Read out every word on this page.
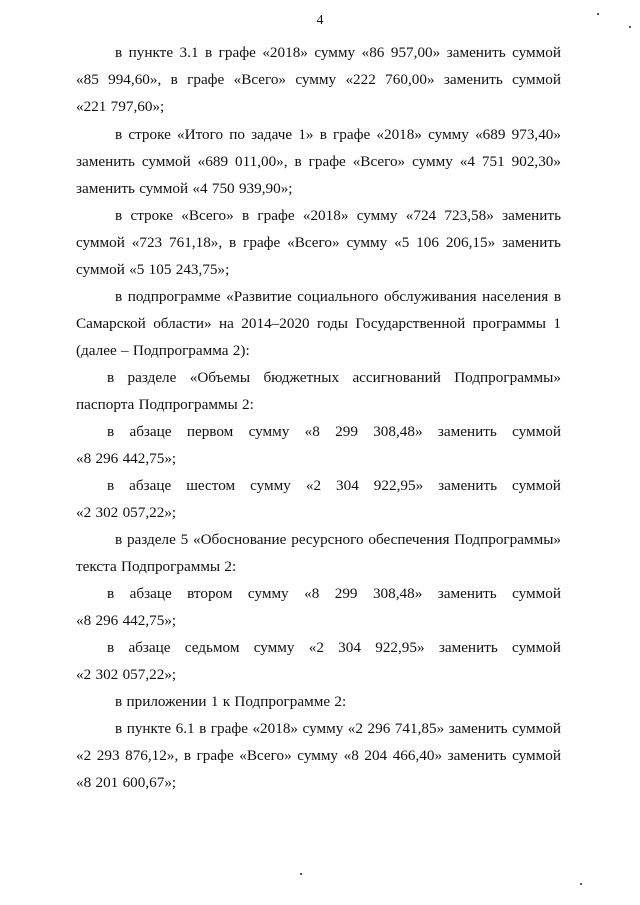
4
в пункте 3.1 в графе «2018» сумму «86 957,00» заменить суммой
«85 994,60», в графе «Всего» сумму «222 760,00» заменить суммой
«221 797,60»;
в строке «Итого по задаче 1» в графе «2018» сумму «689 973,40»
заменить суммой «689 011,00», в графе «Всего» сумму «4 751 902,30»
заменить суммой «4 750 939,90»;
в строке «Всего» в графе «2018» сумму «724 723,58» заменить
суммой «723 761,18», в графе «Всего» сумму «5 106 206,15» заменить
суммой «5 105 243,75»;
в подпрограмме «Развитие социального обслуживания населения в
Самарской области» на 2014–2020 годы Государственной программы 1
(далее – Подпрограмма 2):
в разделе «Объемы бюджетных ассигнований Подпрограммы»
паспорта Подпрограммы 2:
в абзаце первом сумму «8 299 308,48» заменить суммой
«8 296 442,75»;
в абзаце шестом сумму «2 304 922,95» заменить суммой
«2 302 057,22»;
в разделе 5 «Обоснование ресурсного обеспечения Подпрограммы»
текста Подпрограммы 2:
в абзаце втором сумму «8 299 308,48» заменить суммой
«8 296 442,75»;
в абзаце седьмом сумму «2 304 922,95» заменить суммой
«2 302 057,22»;
в приложении 1 к Подпрограмме 2:
в пункте 6.1 в графе «2018» сумму «2 296 741,85» заменить суммой
«2 293 876,12», в графе «Всего» сумму «8 204 466,40» заменить суммой
«8 201 600,67»;
